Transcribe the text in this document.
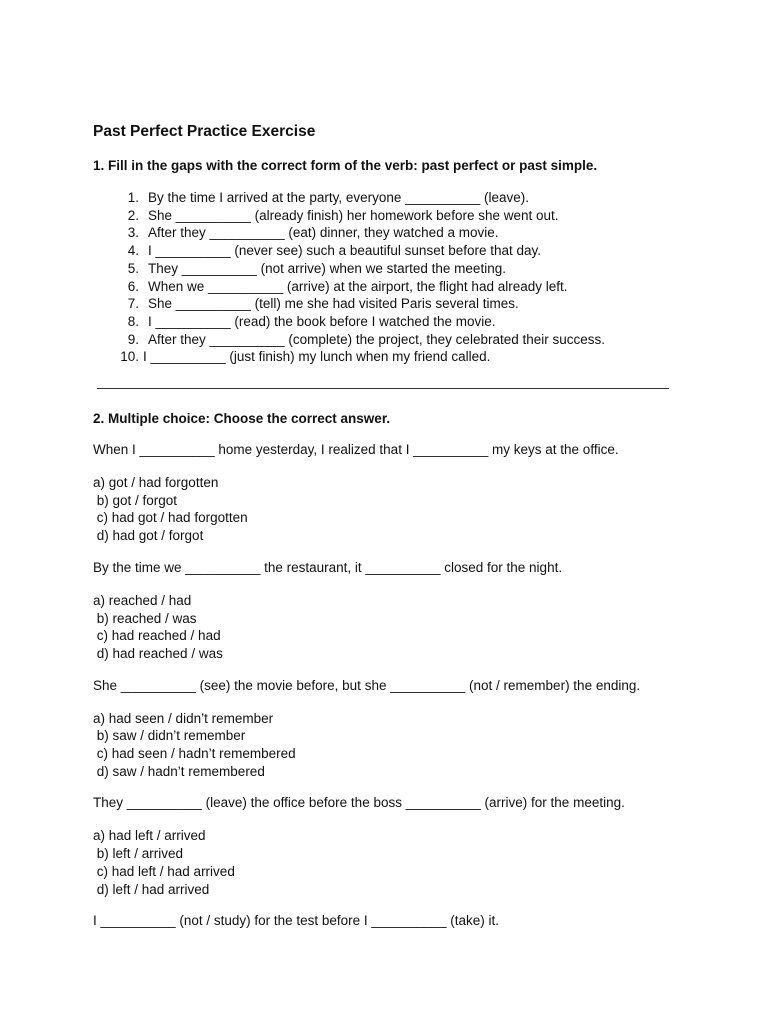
Past Perfect Practice Exercise

1. Fill in the gaps with the correct form of the verb: past perfect or past simple.

1. By the time I arrived at the party, everyone __________ (leave).
2. She __________ (already finish) her homework before she went out.
3. After they __________ (eat) dinner, they watched a movie.
4. I __________ (never see) such a beautiful sunset before that day.
5. They __________ (not arrive) when we started the meeting.
6. When we __________ (arrive) at the airport, the flight had already left.
7. She __________ (tell) me she had visited Paris several times.
8. I __________ (read) the book before I watched the movie.
9. After they __________ (complete) the project, they celebrated their success.
10. I __________ (just finish) my lunch when my friend called.

2. Multiple choice: Choose the correct answer.

When I __________ home yesterday, I realized that I __________ my keys at the office.

a) got / had forgotten
b) got / forgot
c) had got / had forgotten
d) had got / forgot

By the time we __________ the restaurant, it __________ closed for the night.

a) reached / had
b) reached / was
c) had reached / had
d) had reached / was

She __________ (see) the movie before, but she __________ (not / remember) the ending.

a) had seen / didn’t remember
b) saw / didn’t remember
c) had seen / hadn’t remembered
d) saw / hadn’t remembered

They __________ (leave) the office before the boss __________ (arrive) for the meeting.

a) had left / arrived
b) left / arrived
c) had left / had arrived
d) left / had arrived

I __________ (not / study) for the test before I __________ (take) it.
